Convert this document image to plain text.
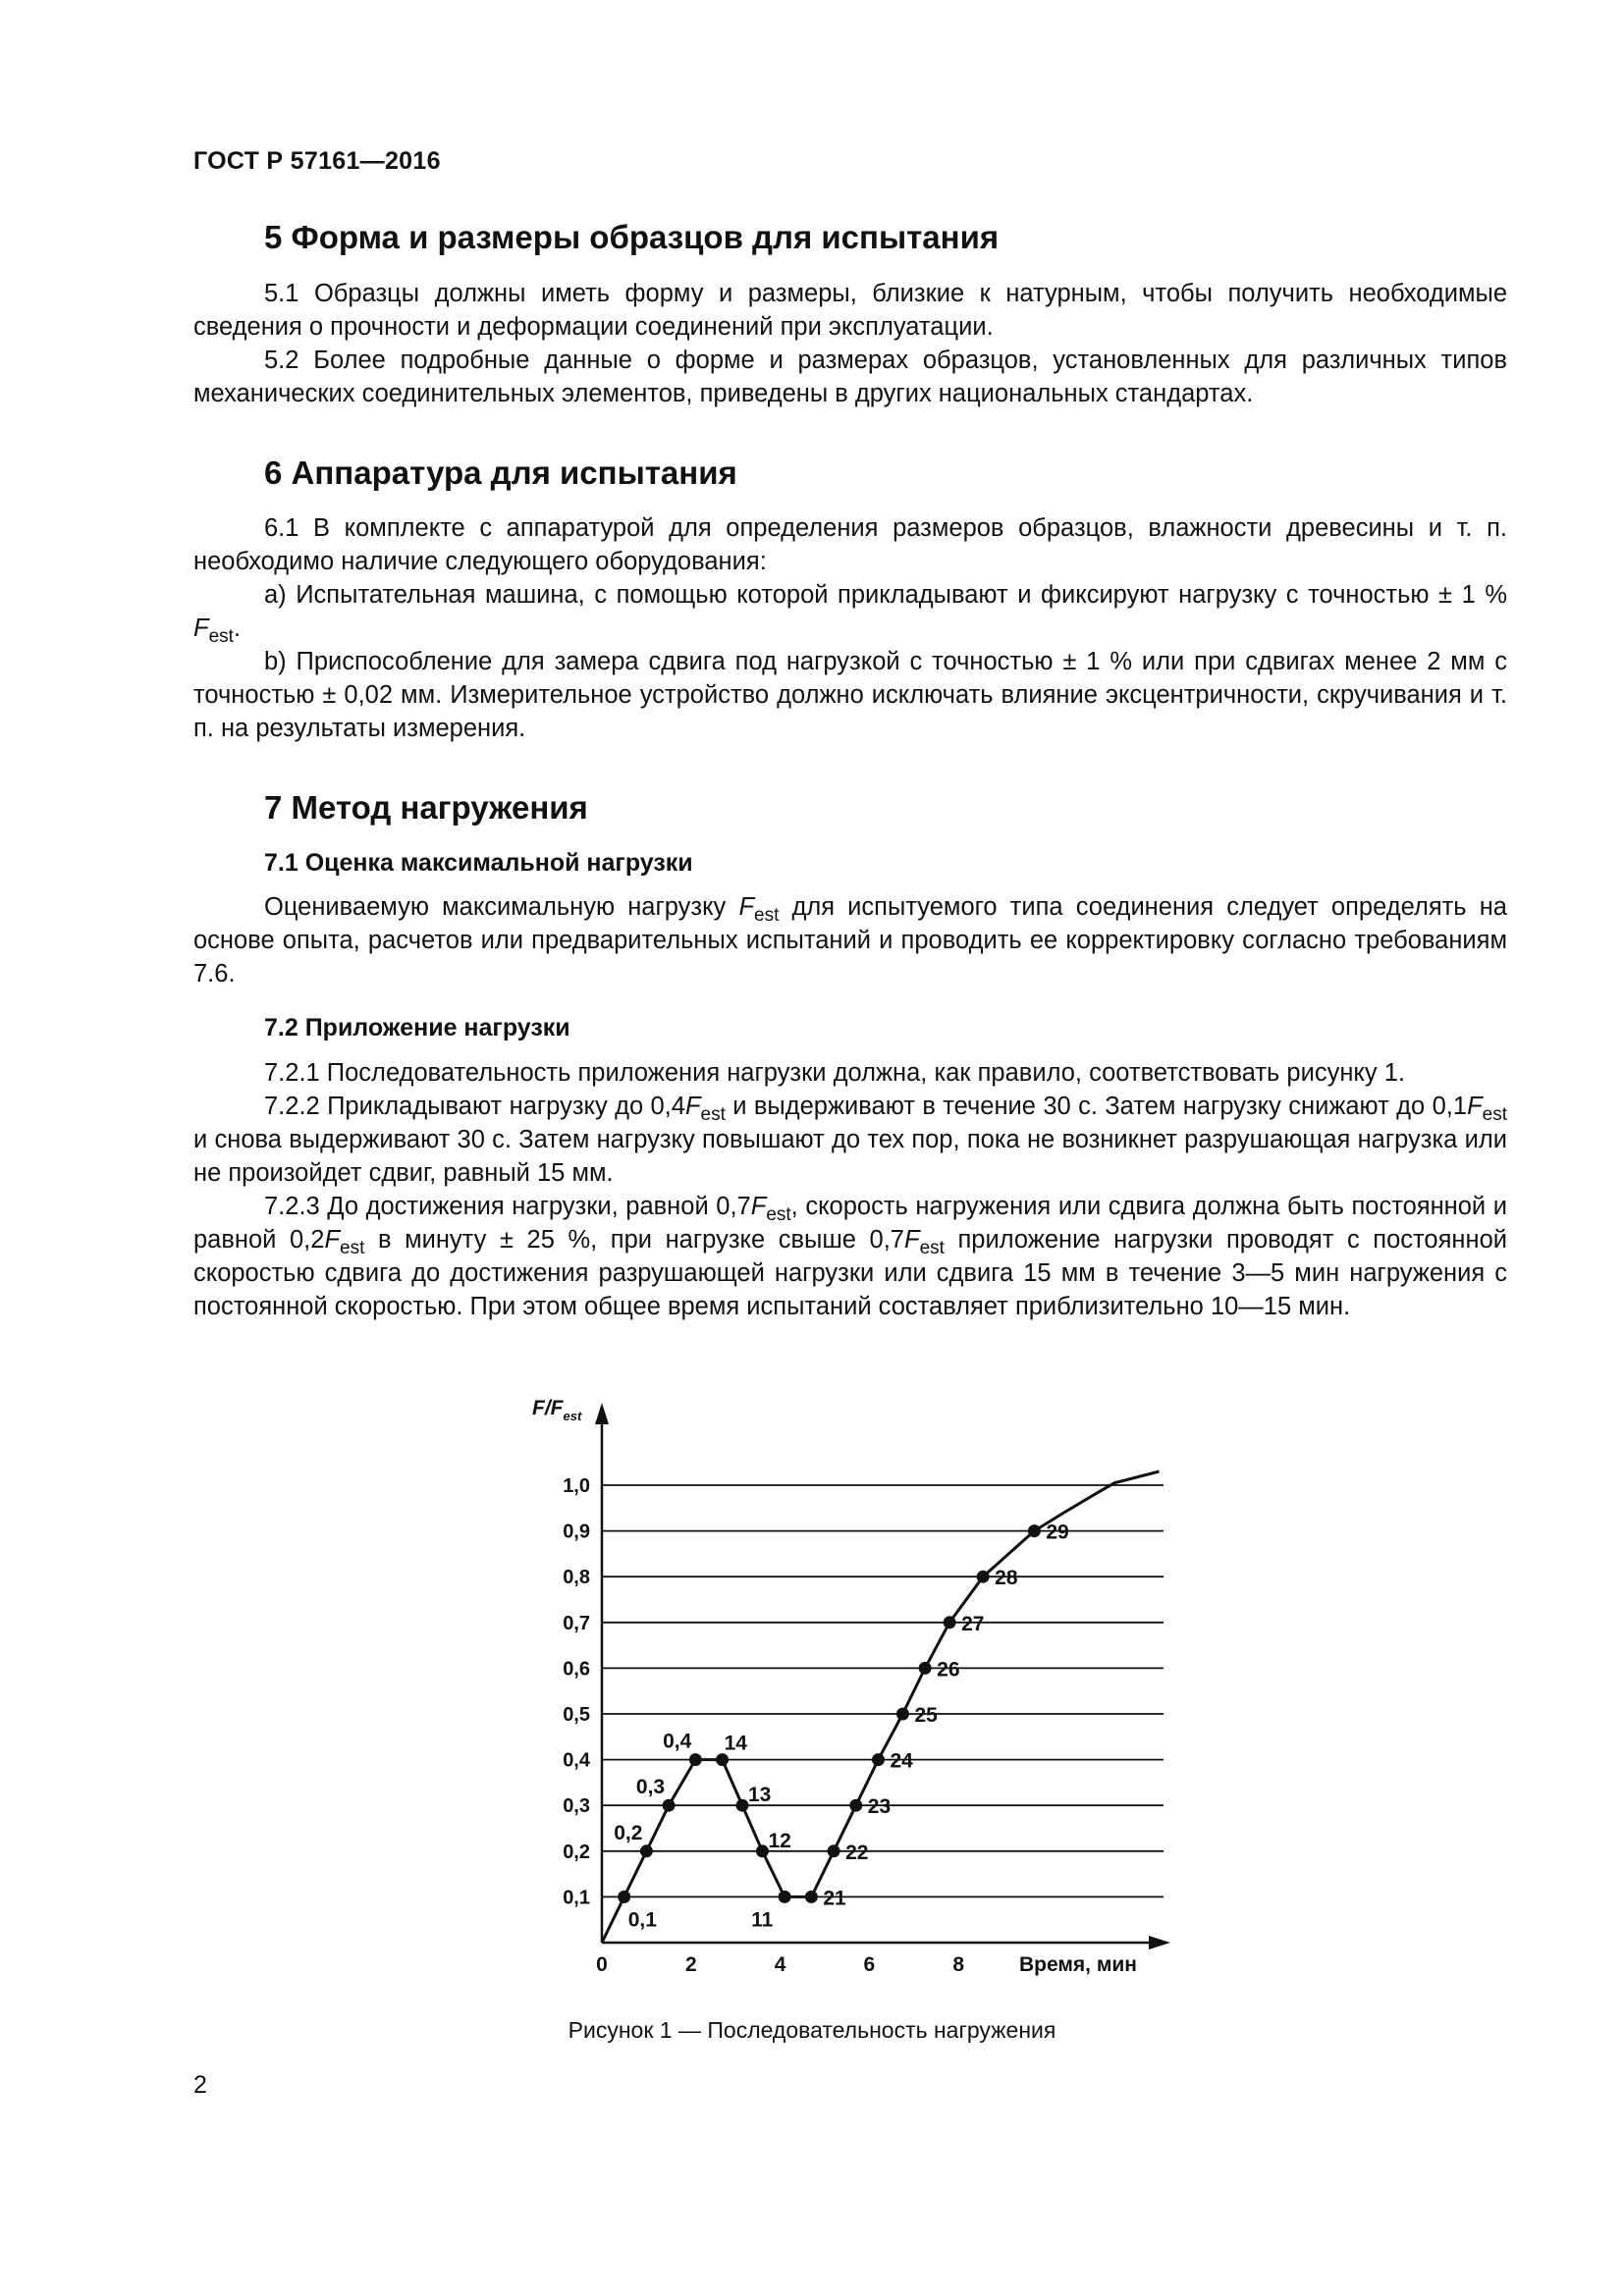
ГОСТ Р 57161—2016
5 Форма и размеры образцов для испытания

5.1 Образцы должны иметь форму и размеры, близкие к натурным, чтобы получить необходимые сведения о прочности и деформации соединений при эксплуатации.

5.2 Более подробные данные о форме и размерах образцов, установленных для различных типов механических соединительных элементов, приведены в других национальных стандартах.

6 Аппаратура для испытания

6.1 В комплекте с аппаратурой для определения размеров образцов, влажности древесины и т. п. необходимо наличие следующего оборудования:

а) Испытательная машина, с помощью которой прикладывают и фиксируют нагрузку с точностью ± 1 % $F_{est}$.

b) Приспособление для замера сдвига под нагрузкой с точностью ± 1 % или при сдвигах менее 2 мм с точностью ± 0,02 мм. Измерительное устройство должно исключать влияние эксцентричности, скручивания и т. п. на результаты измерения.

7 Метод нагружения
7.1 Оценка максимальной нагрузки

Оцениваемую максимальную нагрузку $F_{est}$ для испытуемого типа соединения следует определять на основе опыта, расчетов или предварительных испытаний и проводить ее корректировку согласно требованиям 7.6.

7.2 Приложение нагрузки

7.2.1 Последовательность приложения нагрузки должна, как правило, соответствовать рисунку 1.

7.2.2 Прикладывают нагрузку до $0,4F_{est}$ и выдерживают в течение 30 с. Затем нагрузку снижают до $0,1F_{est}$ и снова выдерживают 30 с. Затем нагрузку повышают до тех пор, пока не возникнет разрушающая нагрузка или не произойдет сдвиг, равный 15 мм.

7.2.3 До достижения нагрузки, равной $0,7F_{est}$, скорость нагружения или сдвига должна быть постоянной и равной $0,2F_{est}$ в минуту ± 25 %, при нагрузке свыше $0,7F_{est}$ приложение нагрузки проводят с постоянной скоростью сдвига до достижения разрушающей нагрузки или сдвига 15 мм в течение 3—5 мин нагружения с постоянной скоростью. При этом общее время испытаний составляет приблизительно 10—15 мин.

$F/F_{est}$
Время, мин
0,1
0,2
0,3
0,4
0,5
0,6
0,7
0,8
0,9
1,0
0	2	4	6	8
0,1
0,2
0,3
0,4 14
13
12
11
21
22
23
24
25
26
27
28
29
Рисунок 1 — Последовательность нагружения
2
